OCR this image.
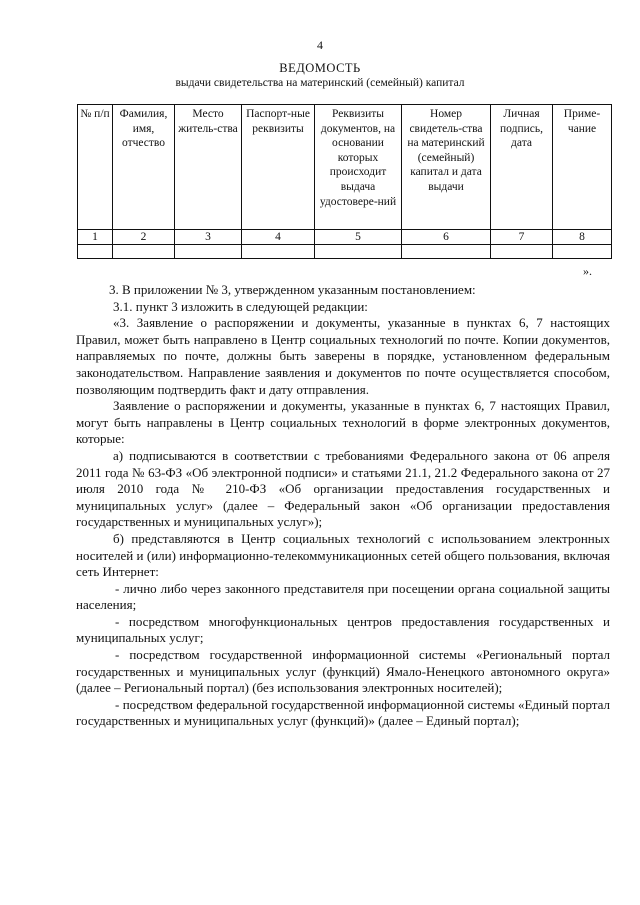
4
ВЕДОМОСТЬ
выдачи свидетельства на материнский (семейный) капитал
№ п/п	Фамилия, имя, отчество	Место житель-ства	Паспорт-ные реквизиты	Реквизиты документов, на основании которых происходит выдача удостовере-ний	Номер свидетель-ства на материнский (семейный) капитал и дата выдачи	Личная подпись, дата	Приме-чание
1	2	3	4	5	6	7	8

».

3. В приложении № 3, утвержденном указанным постановлением:

3.1. пункт 3 изложить в следующей редакции:

«3. Заявление о распоряжении и документы, указанные в пунктах 6, 7 настоящих Правил, может быть направлено в Центр социальных технологий по почте. Копии документов, направляемых по почте, должны быть заверены в порядке, установленном федеральным законодательством. Направление заявления и документов по почте осуществляется способом, позволяющим подтвердить факт и дату отправления.

Заявление о распоряжении и документы, указанные в пунктах 6, 7 настоящих Правил, могут быть направлены в Центр социальных технологий в форме электронных документов, которые:

а) подписываются в соответствии с требованиями Федерального закона от 06 апреля 2011 года № 63-ФЗ «Об электронной подписи» и статьями 21.1, 21.2 Федерального закона от 27 июля 2010 года № 210-ФЗ «Об организации предоставления государственных и муниципальных услуг» (далее – Федеральный закон «Об организации предоставления государственных и муниципальных услуг»);

б) представляются в Центр социальных технологий с использованием электронных носителей и (или) информационно-телекоммуникационных сетей общего пользования, включая сеть Интернет:

- лично либо через законного представителя при посещении органа социальной защиты населения;

- посредством многофункциональных центров предоставления государственных и муниципальных услуг;

- посредством государственной информационной системы «Региональный портал государственных и муниципальных услуг (функций) Ямало-Ненецкого автономного округа» (далее – Региональный портал) (без использования электронных носителей);

- посредством федеральной государственной информационной системы «Единый портал государственных и муниципальных услуг (функций)» (далее – Единый портал);
